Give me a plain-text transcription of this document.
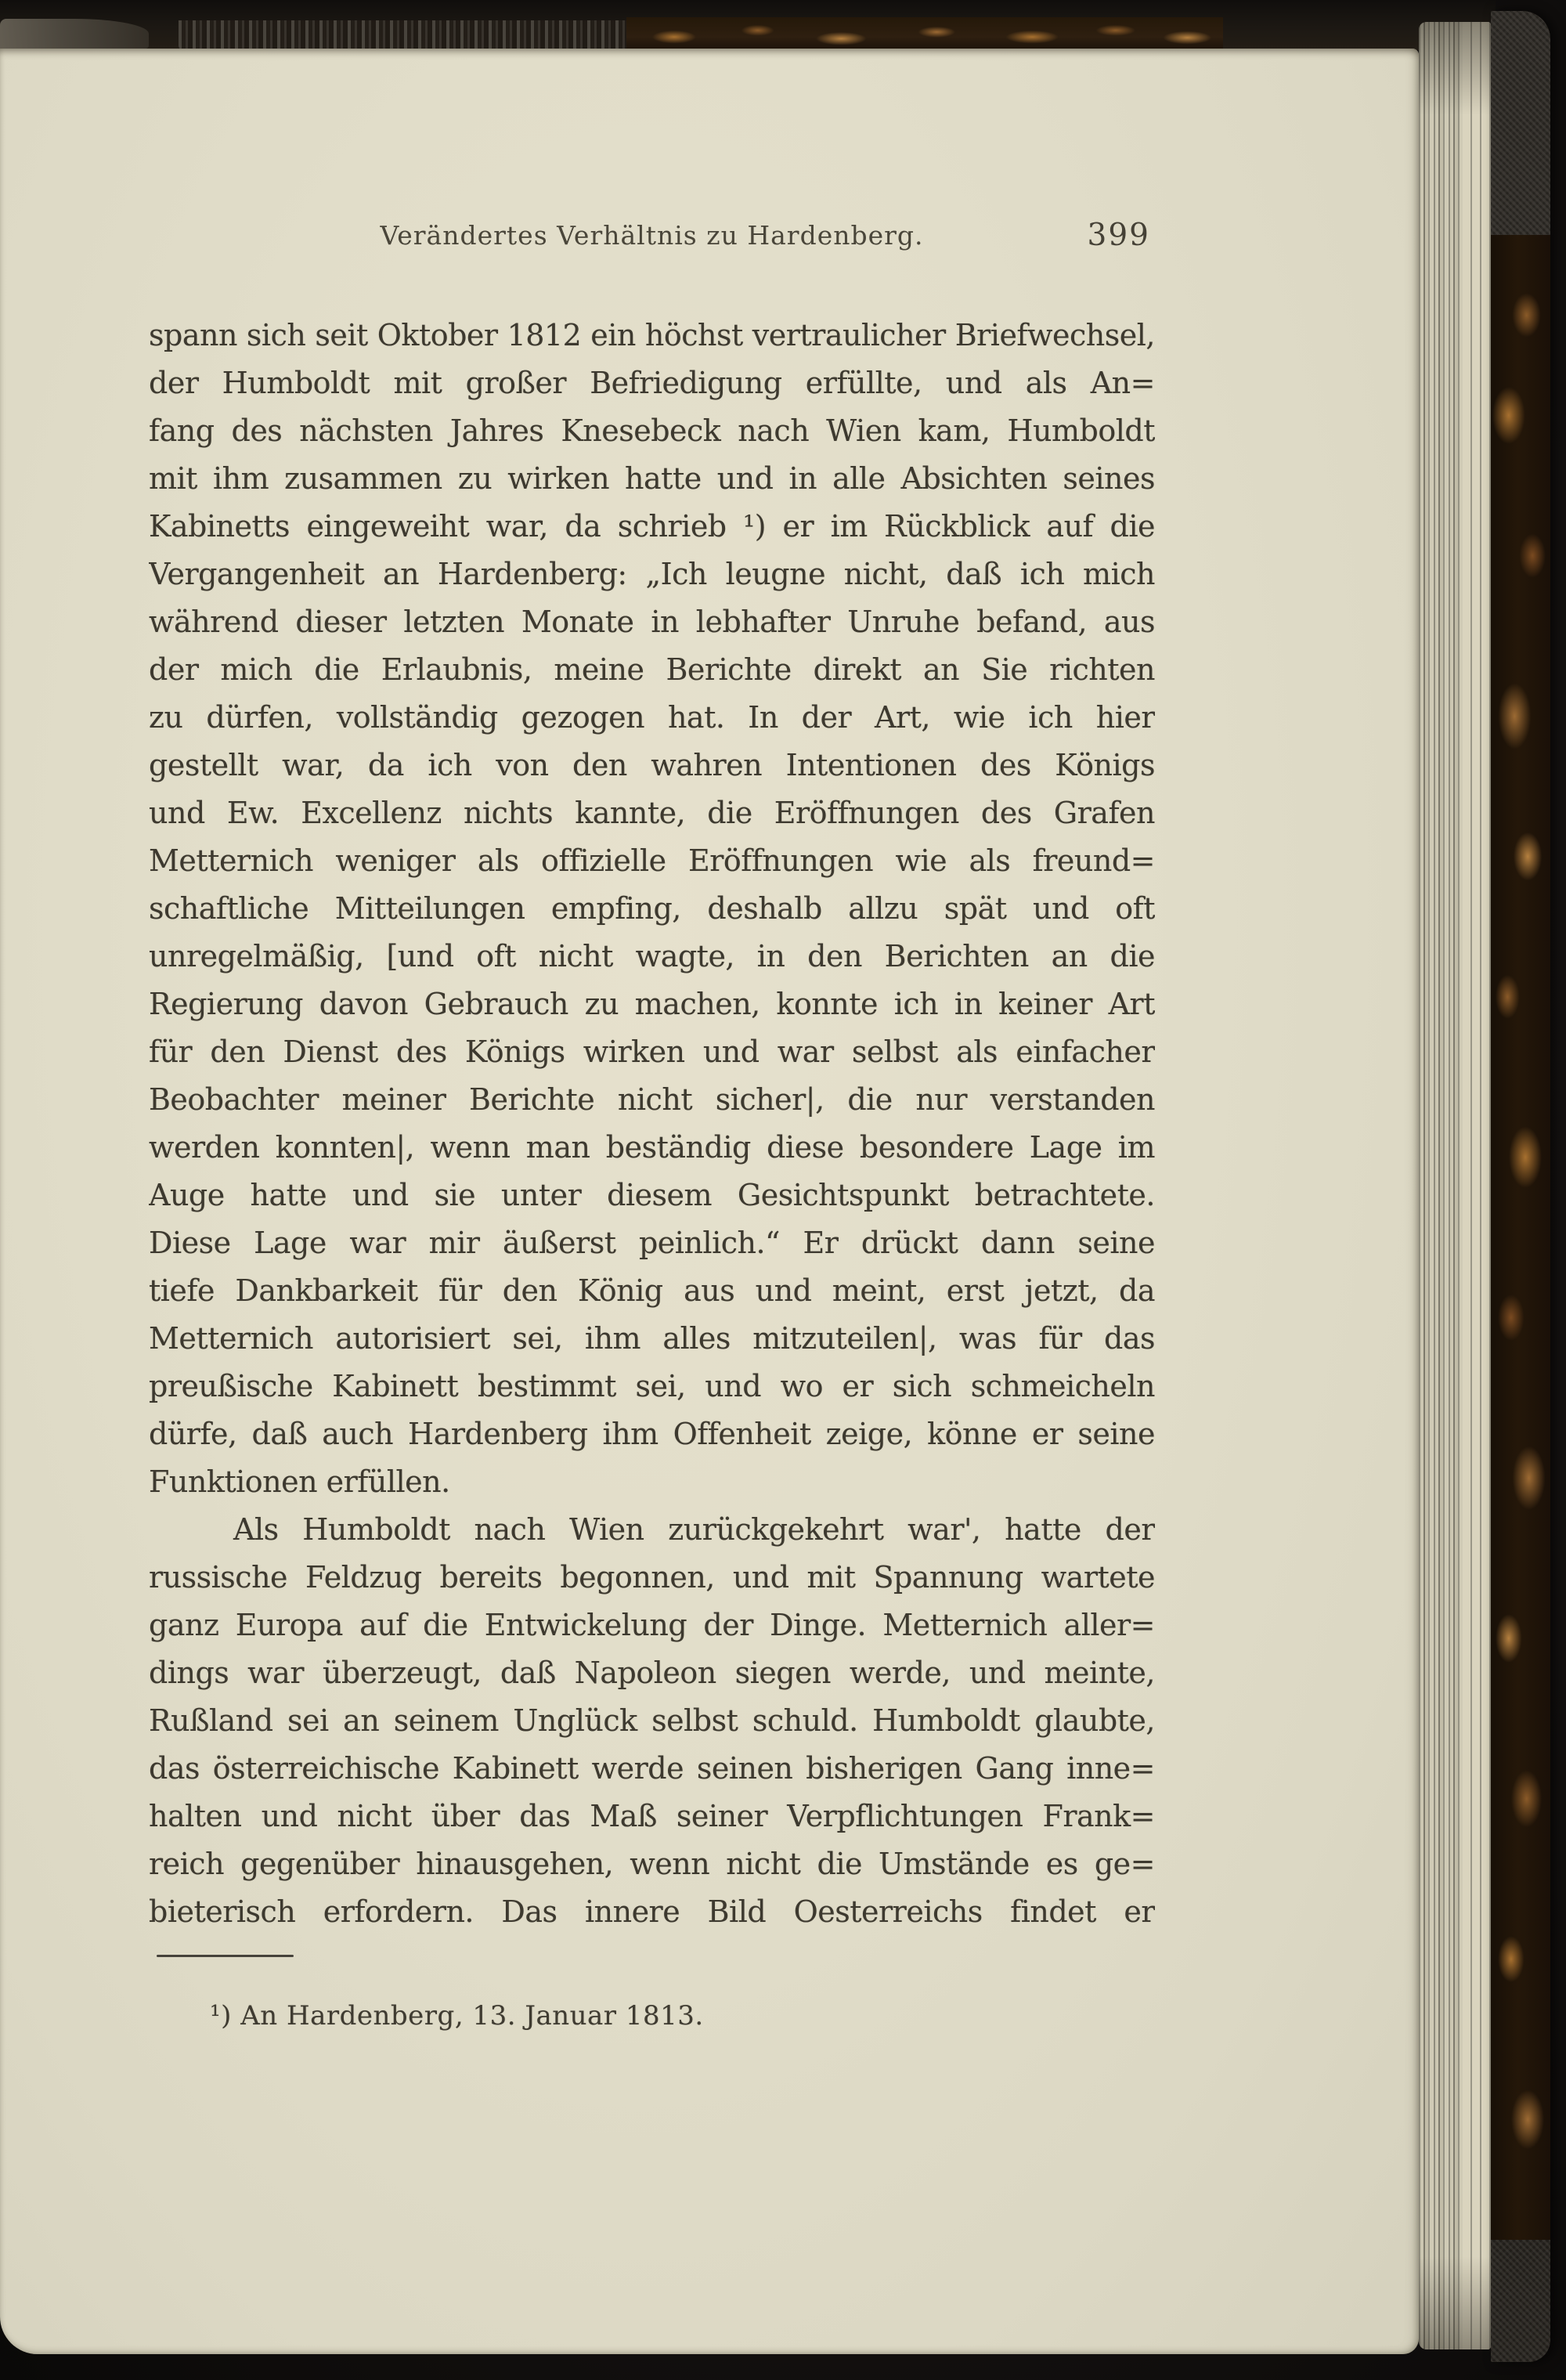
Verändertes Verhältnis zu Hardenberg.	399
spann sich seit Oktober 1812 ein höchst vertraulicher Briefwechsel,
der Humboldt mit großer Befriedigung erfüllte, und als An=
fang des nächsten Jahres Knesebeck nach Wien kam, Humboldt
mit ihm zusammen zu wirken hatte und in alle Absichten seines
Kabinetts eingeweiht war, da schrieb ¹) er im Rückblick auf die
Vergangenheit an Hardenberg: „Ich leugne nicht, daß ich mich
während dieser letzten Monate in lebhafter Unruhe befand, aus
der mich die Erlaubnis, meine Berichte direkt an Sie richten
zu dürfen, vollständig gezogen hat. In der Art, wie ich hier
gestellt war, da ich von den wahren Intentionen des Königs
und Ew. Excellenz nichts kannte, die Eröffnungen des Grafen
Metternich weniger als offizielle Eröffnungen wie als freund=
schaftliche Mitteilungen empfing, deshalb allzu spät und oft
unregelmäßig, [und oft nicht wagte, in den Berichten an die
Regierung davon Gebrauch zu machen, konnte ich in keiner Art
für den Dienst des Königs wirken und war selbst als einfacher
Beobachter meiner Berichte nicht sicher|, die nur verstanden
werden konnten|, wenn man beständig diese besondere Lage im
Auge hatte und sie unter diesem Gesichtspunkt betrachtete.
Diese Lage war mir äußerst peinlich.“ Er drückt dann seine
tiefe Dankbarkeit für den König aus und meint, erst jetzt, da
Metternich autorisiert sei, ihm alles mitzuteilen|, was für das
preußische Kabinett bestimmt sei, und wo er sich schmeicheln
dürfe, daß auch Hardenberg ihm Offenheit zeige, könne er seine
Funktionen erfüllen.
Als Humboldt nach Wien zurückgekehrt war', hatte der
russische Feldzug bereits begonnen, und mit Spannung wartete
ganz Europa auf die Entwickelung der Dinge. Metternich aller=
dings war überzeugt, daß Napoleon siegen werde, und meinte,
Rußland sei an seinem Unglück selbst schuld. Humboldt glaubte,
das österreichische Kabinett werde seinen bisherigen Gang inne=
halten und nicht über das Maß seiner Verpflichtungen Frank=
reich gegenüber hinausgehen, wenn nicht die Umstände es ge=
bieterisch erfordern. Das innere Bild Oesterreichs findet er
¹) An Hardenberg, 13. Januar 1813.
